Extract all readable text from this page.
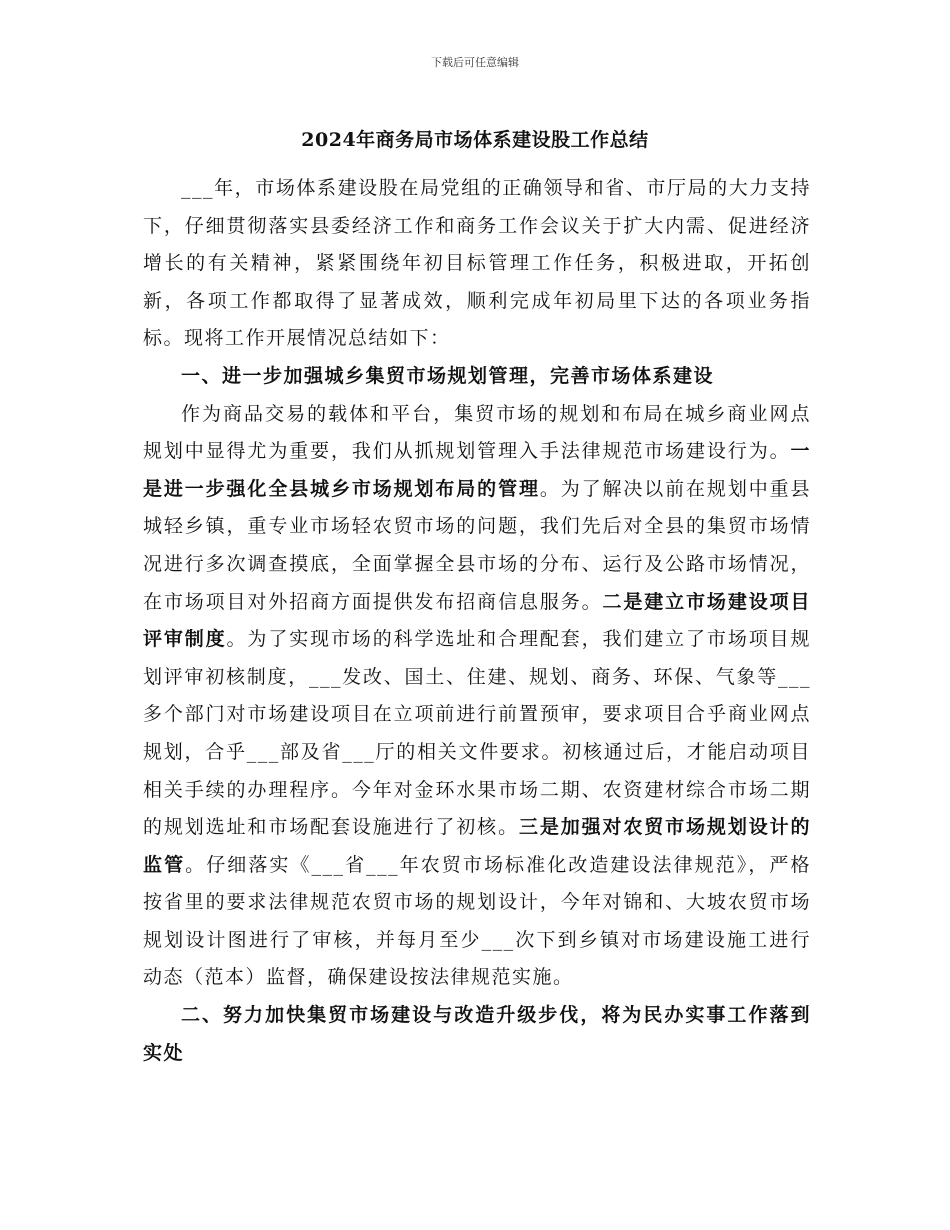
下载后可任意编辑
2024年商务局市场体系建设股工作总结

___年，市场体系建设股在局党组的正确领导和省、市厅局的大力支持下，仔细贯彻落实县委经济工作和商务工作会议关于扩大内需、促进经济增长的有关精神，紧紧围绕年初目标管理工作任务，积极进取，开拓创新，各项工作都取得了显著成效，顺利完成年初局里下达的各项业务指标。现将工作开展情况总结如下：

一、进一步加强城乡集贸市场规划管理，完善市场体系建设

作为商品交易的载体和平台，集贸市场的规划和布局在城乡商业网点规划中显得尤为重要，我们从抓规划管理入手法律规范市场建设行为。一是进一步强化全县城乡市场规划布局的管理。为了解决以前在规划中重县城轻乡镇，重专业市场轻农贸市场的问题，我们先后对全县的集贸市场情况进行多次调查摸底，全面掌握全县市场的分布、运行及公路市场情况，在市场项目对外招商方面提供发布招商信息服务。二是建立市场建设项目评审制度。为了实现市场的科学选址和合理配套，我们建立了市场项目规划评审初核制度，___发改、国土、住建、规划、商务、环保、气象等___多个部门对市场建设项目在立项前进行前置预审，要求项目合乎商业网点规划，合乎___部及省___厅的相关文件要求。初核通过后，才能启动项目相关手续的办理程序。今年对金环水果市场二期、农资建材综合市场二期的规划选址和市场配套设施进行了初核。三是加强对农贸市场规划设计的监管。仔细落实《___省___年农贸市场标准化改造建设法律规范》，严格按省里的要求法律规范农贸市场的规划设计，今年对锦和、大坡农贸市场规划设计图进行了审核，并每月至少___次下到乡镇对市场建设施工进行动态（范本）监督，确保建设按法律规范实施。

二、努力加快集贸市场建设与改造升级步伐，将为民办实事工作落到实处
